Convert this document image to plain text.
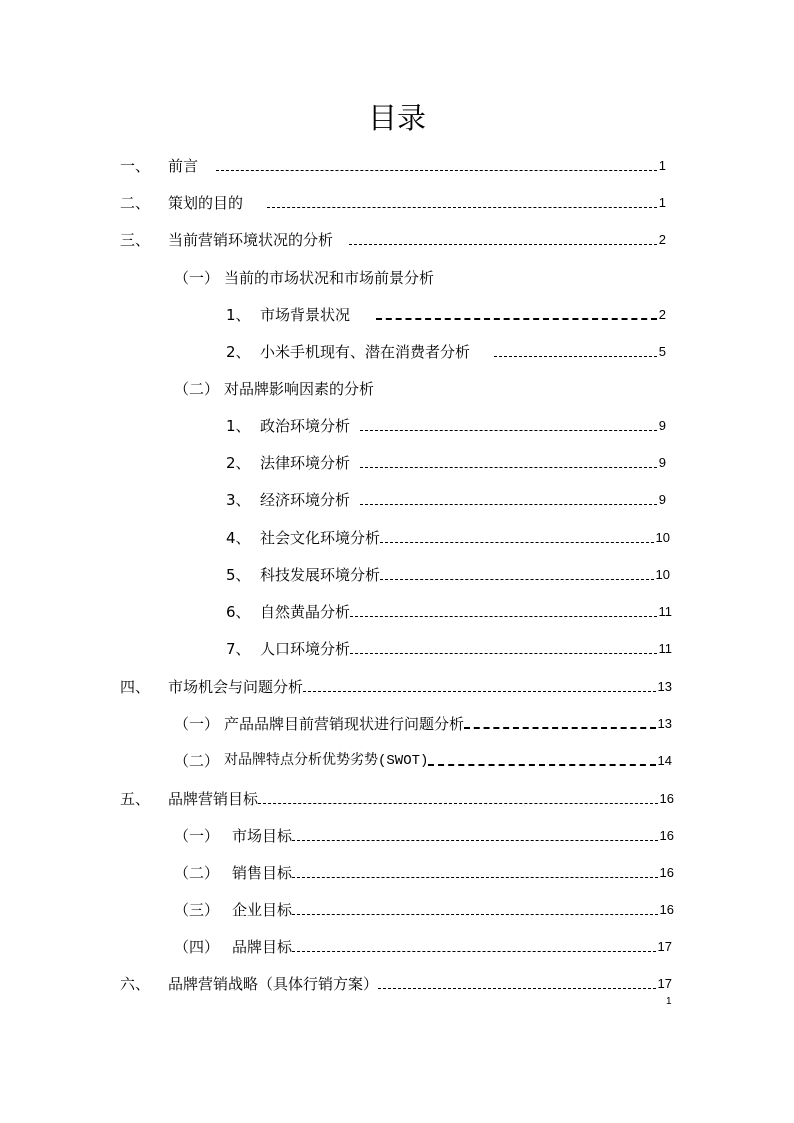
目录
一、	前言	1
二、	策划的目的	1
三、	当前营销环境状况的分析	2
（一） 当前的市场状况和市场前景分析
1、 市场背景状况	2
2、 小米手机现有、潜在消费者分析	5
（二） 对品牌影响因素的分析
1、 政治环境分析	9
2、 法律环境分析	9
3、 经济环境分析	9
4、 社会文化环境分析	10
5、 科技发展环境分析	10
6、 自然黄晶分析	11
7、 人口环境分析	11
四、	市场机会与问题分析	13
（一） 产品品牌目前营销现状进行问题分析	13
（二） 对品牌特点分析优势劣势(SWOT)	14
五、	品牌营销目标	16
（一） 市场目标	16
（二） 销售目标	16
（三） 企业目标	16
（四） 品牌目标	17
六、	品牌营销战略（具体行销方案）	17
1
